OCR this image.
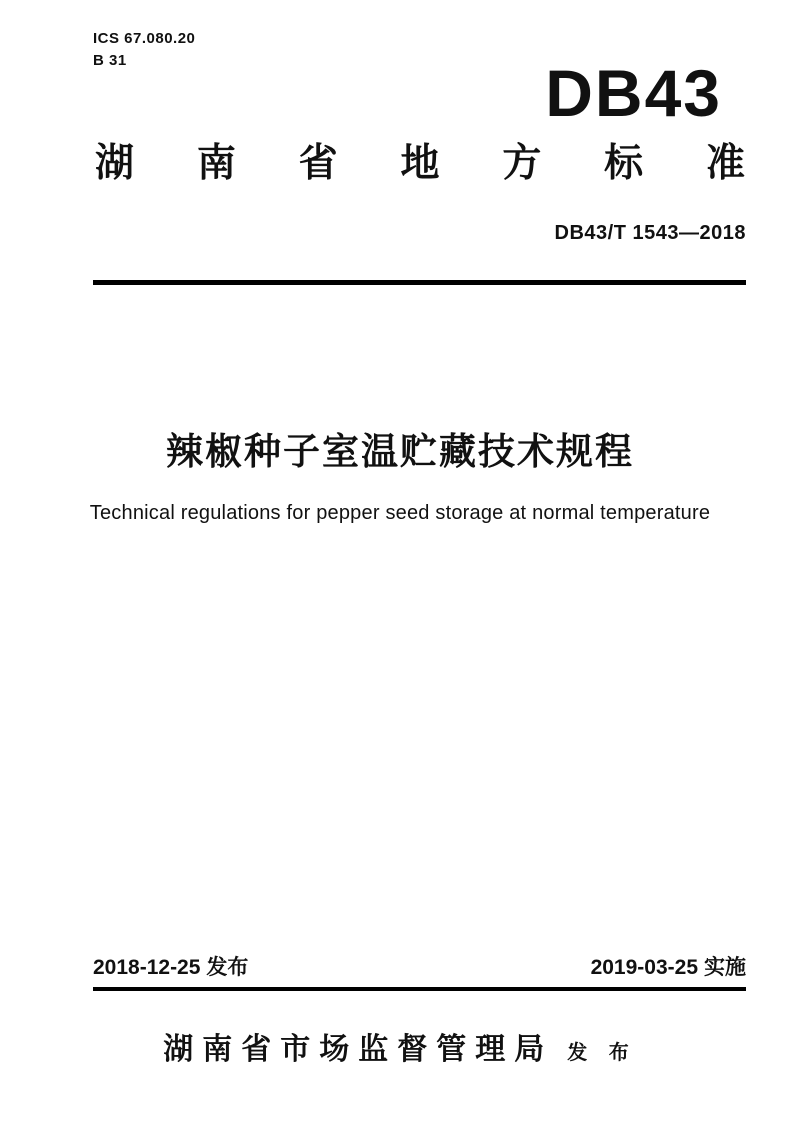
ICS 67.080.20
B 31	DB43
湖 南 省 地 方 标 准
DB43/T 1543—2018
辣椒种子室温贮藏技术规程
Technical regulations for pepper seed storage at normal temperature
2018-12-25 发布	2019-03-25 实施
湖南省市场监督管理局 发 布
